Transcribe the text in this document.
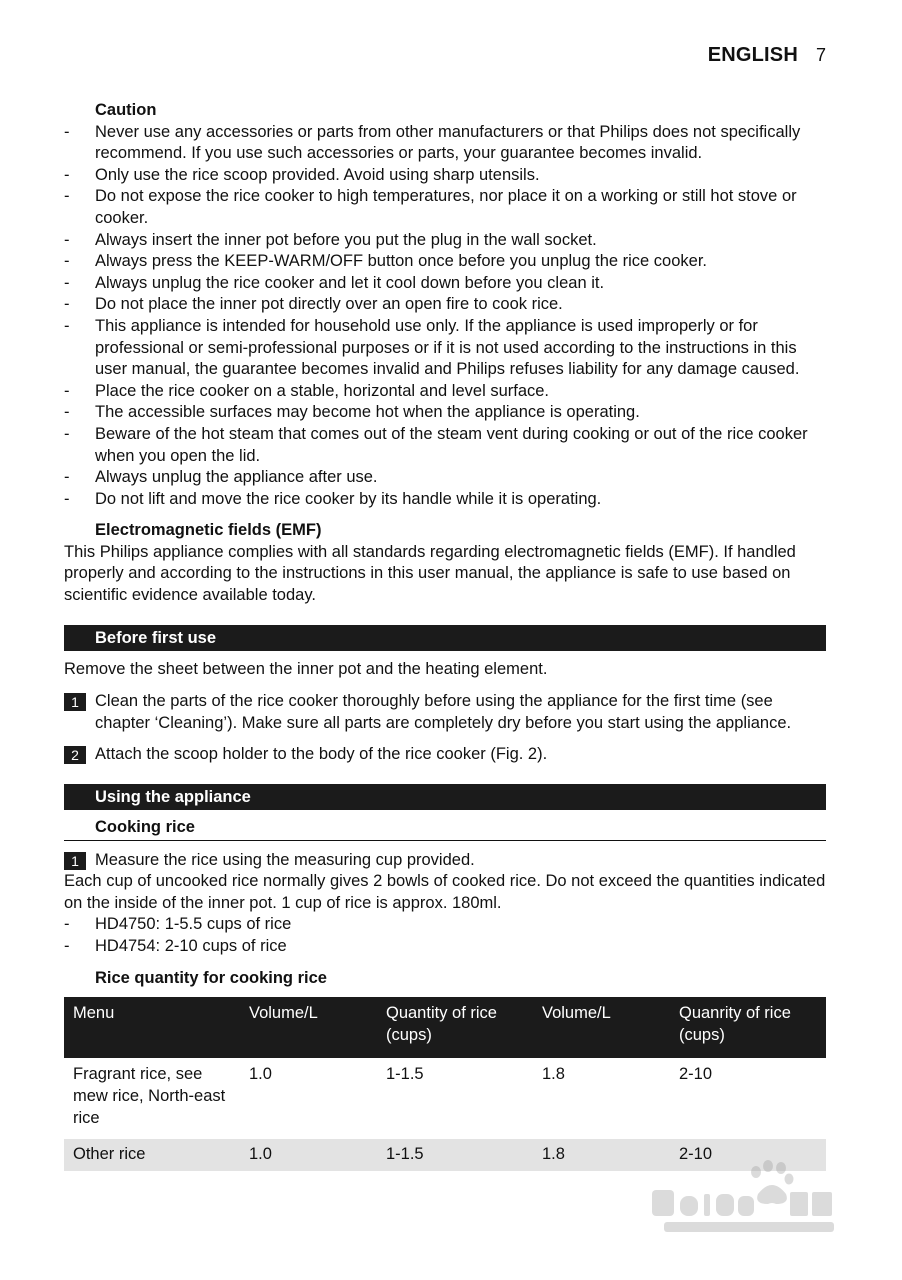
ENGLISH 7
Caution
- Never use any accessories or parts from other manufacturers or that Philips does not specifically recommend. If you use such accessories or parts, your guarantee becomes invalid.
- Only use the rice scoop provided. Avoid using sharp utensils.
- Do not expose the rice cooker to high temperatures, nor place it on a working or still hot stove or cooker.
- Always insert the inner pot before you put the plug in the wall socket.
- Always press the KEEP-WARM/OFF button once before you unplug the rice cooker.
- Always unplug the rice cooker and let it cool down before you clean it.
- Do not place the inner pot directly over an open fire to cook rice.
- This appliance is intended for household use only. If the appliance is used improperly or for professional or semi-professional purposes or if it is not used according to the instructions in this user manual, the guarantee becomes invalid and Philips refuses liability for any damage caused.
- Place the rice cooker on a stable, horizontal and level surface.
- The accessible surfaces may become hot when the appliance is operating.
- Beware of the hot steam that comes out of the steam vent during cooking or out of the rice cooker when you open the lid.
- Always unplug the appliance after use.
- Do not lift and move the rice cooker by its handle while it is operating.
Electromagnetic fields (EMF)
This Philips appliance complies with all standards regarding electromagnetic fields (EMF). If handled properly and according to the instructions in this user manual, the appliance is safe to use based on scientific evidence available today.
Before first use
Remove the sheet between the inner pot and the heating element.
1 Clean the parts of the rice cooker thoroughly before using the appliance for the first time (see chapter ‘Cleaning’). Make sure all parts are completely dry before you start using the appliance.
2 Attach the scoop holder to the body of the rice cooker (Fig. 2).
Using the appliance
Cooking rice
1 Measure the rice using the measuring cup provided.
Each cup of uncooked rice normally gives 2 bowls of cooked rice. Do not exceed the quantities indicated on the inside of the inner pot. 1 cup of rice is approx. 180ml.
- HD4750: 1-5.5 cups of rice
- HD4754: 2-10 cups of rice
Rice quantity for cooking rice
Menu	Volume/L	Quantity of rice (cups)	Volume/L	Quanrity of rice (cups)
Fragrant rice, see mew rice, North-east rice	1.0	1-1.5	1.8	2-10
Other rice	1.0	1-1.5	1.8	2-10
